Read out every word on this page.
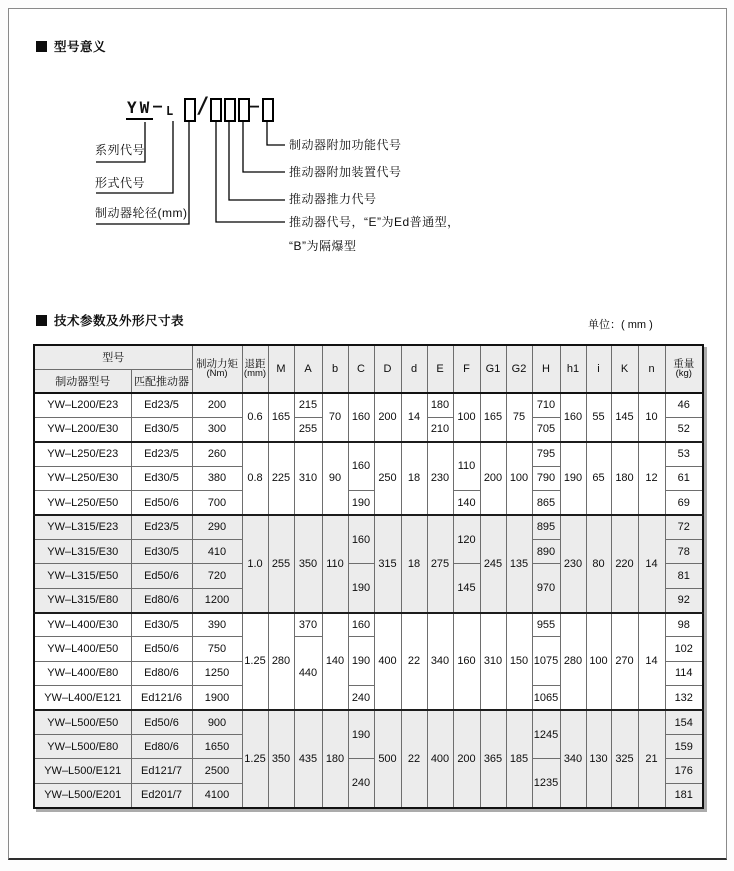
型号意义
YW – L /	–
系列代号
形式代号
制动器轮径(mm)
制动器附加功能代号
推动器附加装置代号
推动器推力代号
推动器代号，“E”为Ed普通型，
“B”为隔爆型
技术参数及外形尺寸表	单位：( mm )
型号	制动力矩
(Nm)

退距
(mm)	M	A	b	C	D	d	E	F	G1	G2	H	h1	i	K	n	重量
(kg)

制动器型号	匹配推动器																		
YW–L200/E23	Ed23/5	200	0.6	165	215	70	160	200	14	180	100	165	75	710	160	55	145	10	46
YW–L200/E30	Ed30/5	300			255					210				705					52
YW–L250/E23	Ed23/5	260	0.8	225	310	90	160	250	18	230	110	200	100	795	190	65	180	12	53
YW–L250/E30	Ed30/5	380												790					61
YW–L250/E50	Ed50/6	700					190				140			865					69
YW–L315/E23	Ed23/5	290	1.0	255	350	110	160	315	18	275	120	245	135	895	230	80	220	14	72
YW–L315/E30	Ed30/5	410												890					78
YW–L315/E50	Ed50/6	720					190				145			970					81
YW–L315/E80	Ed80/6	1200																	92
YW–L400/E30	Ed30/5	390	1.25	280	370	140	160	400	22	340	160	310	150	955	280	100	270	14	98
YW–L400/E50	Ed50/6	750			440		190							1075					102
YW–L400/E80	Ed80/6	1250																	114
YW–L400/E121	Ed121/6	1900					240							1065					132
YW–L500/E50	Ed50/6	900	1.25	350	435	180	190	500	22	400	200	365	185	1245	340	130	325	21	154
YW–L500/E80	Ed80/6	1650																	159
YW–L500/E121	Ed121/7	2500					240							1235					176
YW–L500/E201	Ed201/7	4100																	181
